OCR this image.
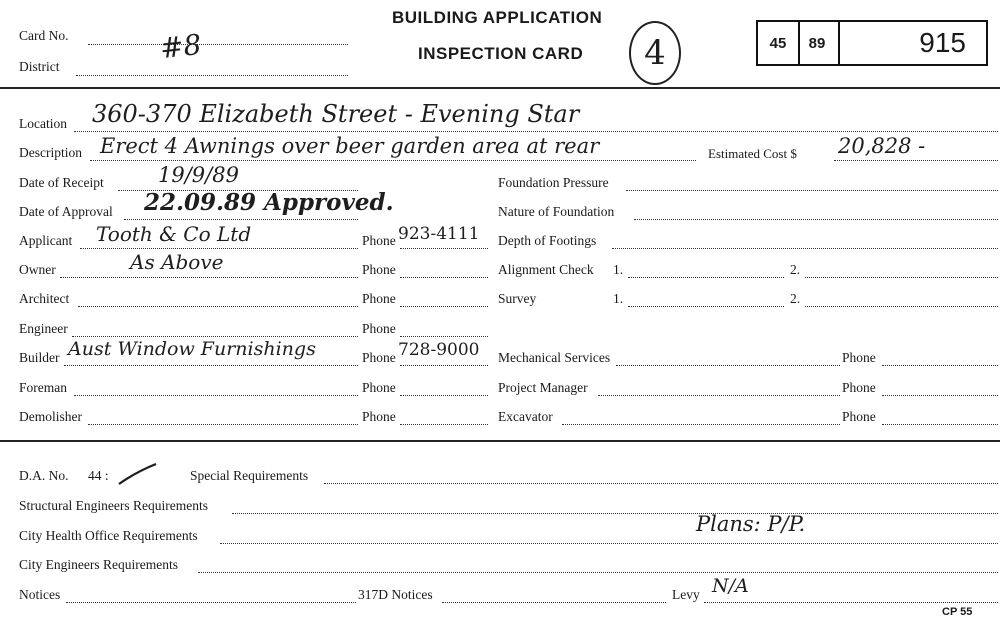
Card No.	#8
District
BUILDING APPLICATION
INSPECTION CARD 4	45	89	915
Location 360-370 Elizabeth Street - Evening Star
Description Erect 4 Awnings over beer garden area at rear	Estimated Cost $ 20,828 -
Date of Receipt	19/9/89
Date of Approval 22.09.89 Approved.
Applicant Tooth & Co Ltd	Phone 923-4111
Owner	As Above	Phone
Architect	Phone
Engineer	Phone
Builder Aust Window Furnishings	Phone 728-9000
Foreman	Phone
Demolisher	Phone
Foundation Pressure
Nature of Foundation
Depth of Footings
Alignment Check 1.	2.
Survey	1.	2.
Mechanical Services	Phone
Project Manager	Phone
Excavator	Phone
D.A. No. 44 :	Special Requirements
Structural Engineers Requirements
City Health Office Requirements	Plans: P/P.
City Engineers Requirements
Notices	317D Notices	Levy N/A
CP 55
